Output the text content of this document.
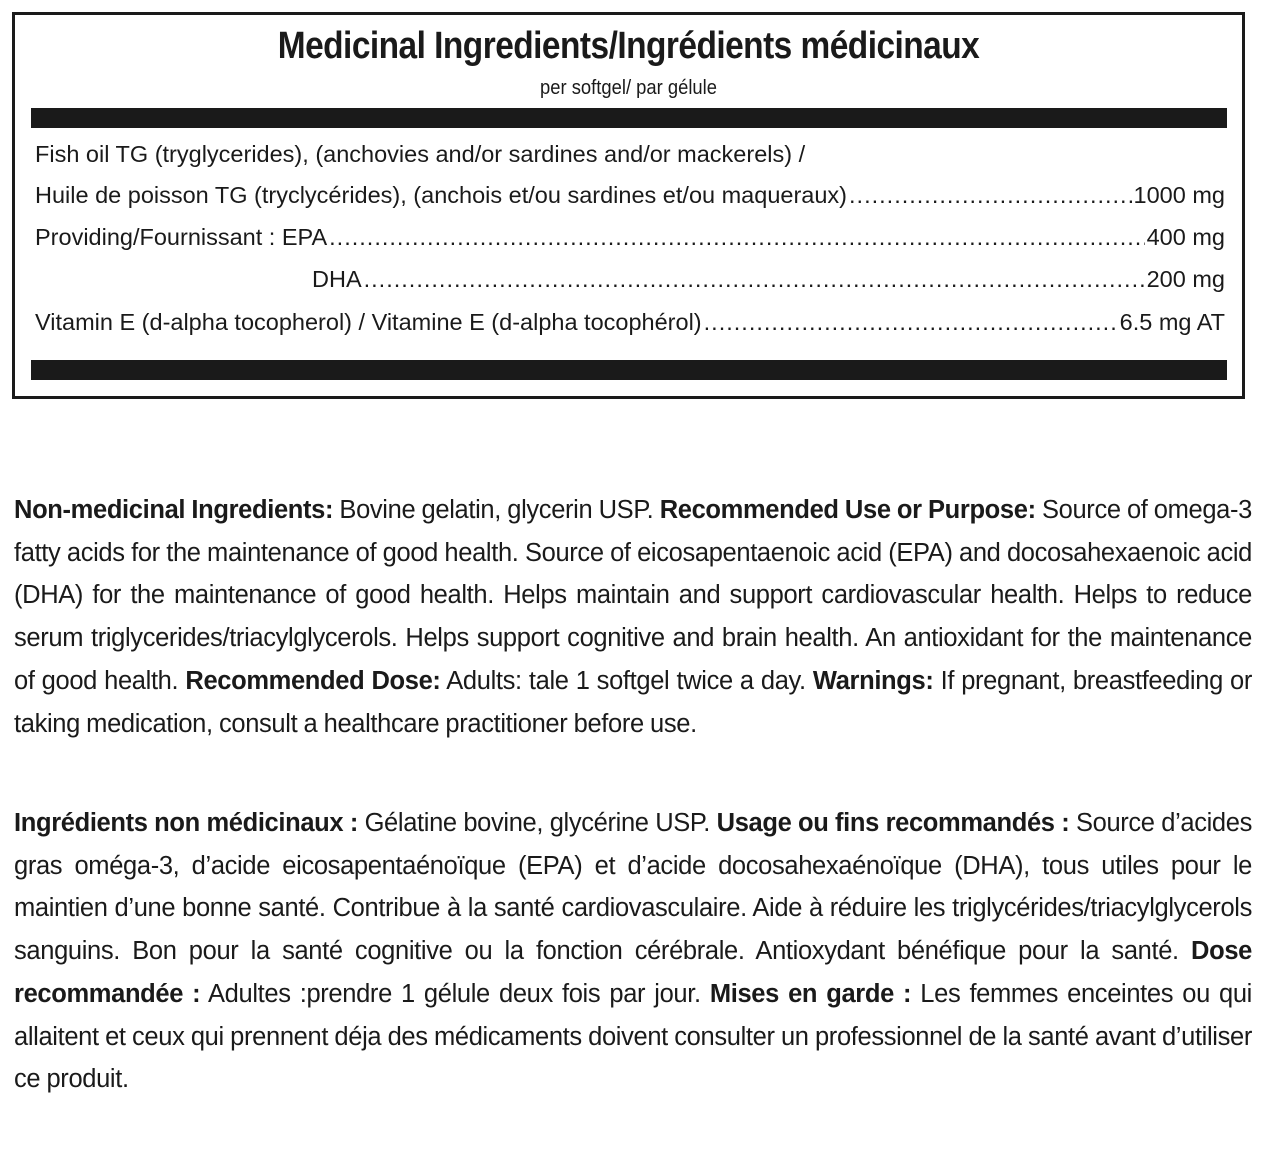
Medicinal Ingredients/Ingrédients médicinaux
per softgel/ par gélule
Fish oil TG (tryglycerides), (anchovies and/or sardines and/or mackerels) /
Huile de poisson TG (tryclycérides), (anchois et/ou sardines et/ou maqueraux) .....	1000 mg
Providing/Fournissant : EPA .....	400 mg
DHA .....	200 mg
Vitamin E (d-alpha tocopherol) / Vitamine E (d-alpha tocophérol) .....	6.5 mg AT
Non-medicinal Ingredients: Bovine gelatin, glycerin USP. Recommended Use or Purpose: Source of omega-3 fatty acids for the maintenance of good health. Source of eicosapentaenoic acid (EPA) and docosahexaenoic acid (DHA) for the maintenance of good health. Helps maintain and support cardiovascular health. Helps to reduce serum triglycerides/triacylglycerols. Helps support cognitive and brain health. An antioxidant for the maintenance of good health. Recommended Dose: Adults: tale 1 softgel twice a day. Warnings: If pregnant, breastfeeding or taking medication, consult a healthcare practitioner before use.
Ingrédients non médicinaux : Gélatine bovine, glycérine USP. Usage ou fins recommandés : Source d’acides gras oméga-3, d’acide eicosapentaénoïque (EPA) et d’acide docosahexaénoïque (DHA), tous utiles pour le maintien d’une bonne santé. Contribue à la santé cardiovasculaire. Aide à réduire les triglycérides/triacylglycerols sanguins. Bon pour la santé cognitive ou la fonction cérébrale. Antioxydant bénéfique pour la santé. Dose recommandée : Adultes :prendre 1 gélule deux fois par jour. Mises en garde : Les femmes enceintes ou qui allaitent et ceux qui prennent déja des médicaments doivent consulter un professionnel de la santé avant d’utiliser ce produit.
